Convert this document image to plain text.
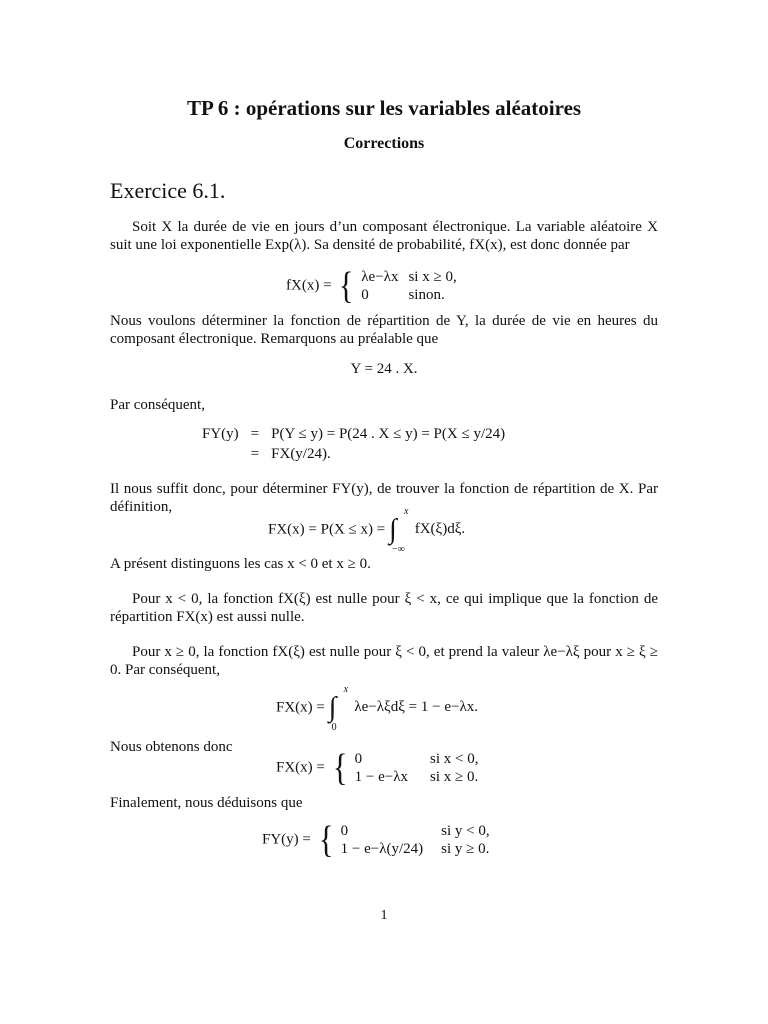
TP 6 : opérations sur les variables aléatoires
Corrections
Exercice 6.1.
Soit X la durée de vie en jours d’un composant électronique. La variable aléatoire X suit une loi exponentielle Exp(λ). Sa densité de probabilité, fX(x), est donc donnée par
fX(x) = { λe−λx	si x ≥ 0,
0	sinon.
Nous voulons déterminer la fonction de répartition de Y, la durée de vie en heures du composant électronique. Remarquons au préalable que
Y = 24 . X.
Par conséquent,
FY(y)	=	P(Y ≤ y) = P(24 . X ≤ y) = P(X ≤ y/24)
	=	FX(y/24).
Il nous suffit donc, pour déterminer FY(y), de trouver la fonction de répartition de X. Par définition,
FX(x) = P(X ≤ x) = ∫
x
−∞
fX(ξ)dξ.
A présent distinguons les cas x < 0 et x ≥ 0.
Pour x < 0, la fonction fX(ξ) est nulle pour ξ < x, ce qui implique que la fonction de répartition FX(x) est aussi nulle.
Pour x ≥ 0, la fonction fX(ξ) est nulle pour ξ < 0, et prend la valeur λe−λξ pour x ≥ ξ ≥ 0. Par conséquent,
FX(x) = ∫
x
0
λe−λξdξ = 1 − e−λx.
Nous obtenons donc
FX(x) = { 0	si x < 0,
1 − e−λx	si x ≥ 0.
Finalement, nous déduisons que
FY(y) = { 0	si y < 0,
1 − e−λ(y/24)	si y ≥ 0.
1
